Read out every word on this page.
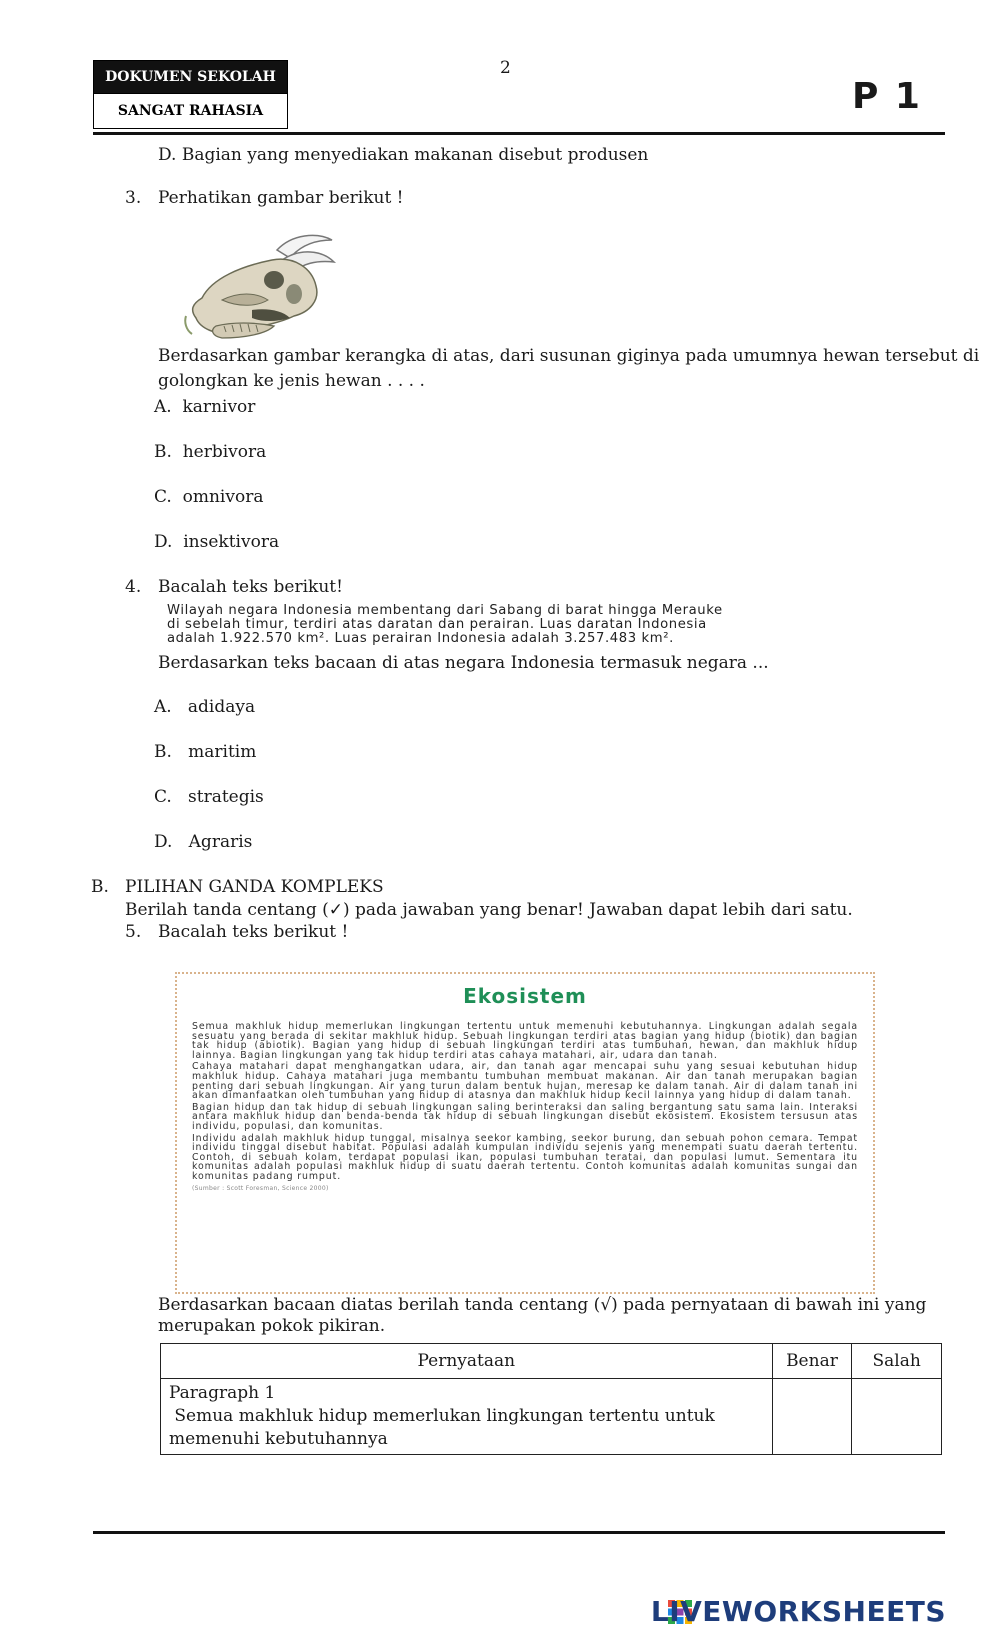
DOKUMEN SEKOLAH
SANGAT RAHASIA
2
P 1
D. Bagian yang menyediakan makanan disebut produsen
3. Perhatikan gambar berikut !
Berdasarkan gambar kerangka di atas, dari susunan giginya pada umumnya hewan tersebut di
golongkan ke jenis hewan . . . .
A. karnivor
B. herbivora
C. omnivora
D. insektivora
4. Bacalah teks berikut!
Wilayah negara Indonesia membentang dari Sabang di barat hingga Merauke
di sebelah timur, terdiri atas daratan dan perairan. Luas daratan Indonesia
adalah 1.922.570 km². Luas perairan Indonesia adalah 3.257.483 km².
Berdasarkan teks bacaan di atas negara Indonesia termasuk negara ...
A. adidaya
B. maritim
C. strategis
D. Agraris
B. PILIHAN GANDA KOMPLEKS
Berilah tanda centang (✓) pada jawaban yang benar! Jawaban dapat lebih dari satu.
5. Bacalah teks berikut !
Ekosistem

Semua makhluk hidup memerlukan lingkungan tertentu untuk memenuhi kebutuhannya. Lingkungan adalah segala sesuatu yang berada di sekitar makhluk hidup. Sebuah lingkungan terdiri atas bagian yang hidup (biotik) dan bagian tak hidup (abiotik). Bagian yang hidup di sebuah lingkungan terdiri atas tumbuhan, hewan, dan makhluk hidup lainnya. Bagian lingkungan yang tak hidup terdiri atas cahaya matahari, air, udara dan tanah.

Cahaya matahari dapat menghangatkan udara, air, dan tanah agar mencapai suhu yang sesuai kebutuhan hidup makhluk hidup. Cahaya matahari juga membantu tumbuhan membuat makanan. Air dan tanah merupakan bagian penting dari sebuah lingkungan. Air yang turun dalam bentuk hujan, meresap ke dalam tanah. Air di dalam tanah ini akan dimanfaatkan oleh tumbuhan yang hidup di atasnya dan makhluk hidup kecil lainnya yang hidup di dalam tanah.

Bagian hidup dan tak hidup di sebuah lingkungan saling berinteraksi dan saling bergantung satu sama lain. Interaksi antara makhluk hidup dan benda-benda tak hidup di sebuah lingkungan disebut ekosistem. Ekosistem tersusun atas individu, populasi, dan komunitas.

Individu adalah makhluk hidup tunggal, misalnya seekor kambing, seekor burung, dan sebuah pohon cemara. Tempat individu tinggal disebut habitat. Populasi adalah kumpulan individu sejenis yang menempati suatu daerah tertentu. Contoh, di sebuah kolam, terdapat populasi ikan, populasi tumbuhan teratai, dan populasi lumut. Sementara itu komunitas adalah populasi makhluk hidup di suatu daerah tertentu. Contoh komunitas adalah komunitas sungai dan komunitas padang rumput.

(Sumber : Scott Foresman, Science 2000)
Berdasarkan bacaan diatas berilah tanda centang (√) pada pernyataan di bawah ini yang
merupakan pokok pikiran.
Pernyataan	Benar	Salah

Paragraph 1
Semua makhluk hidup memerlukan lingkungan tertentu untuk
memenuhi kebutuhannya		

LIVEWORKSHEETS
